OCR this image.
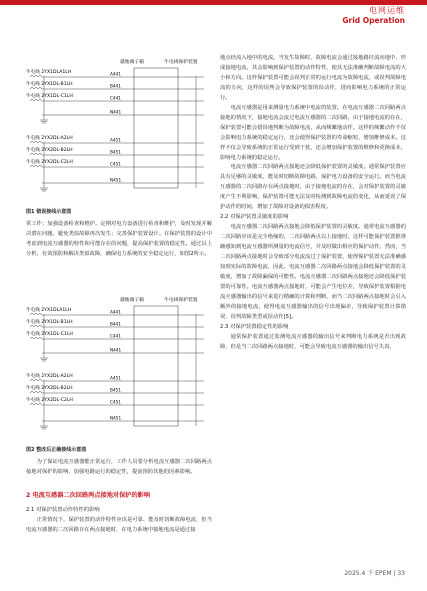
电网运维
Grid Operation
就地端子箱	牛屯线保护装置
牛屯线 2YX1DLA1LH	A441
牛屯线 2YX1DL-B1LH	B441
牛屯线 2YX1DL-C1LH	C441
N441
牛屯线 2YX2DL-A2LH	A451
牛屯线 2YX2DL-B2LH	B451
牛屯线 2YX2DL-C2LH	C451
N451
图1 错误接线示意图

常工作；加强设备检查和维护。定期对电力设备进行检查和维护，及时发现并解决潜在问题，避免类似故障再次发生；完善保护装置设计。在保护装置的设计中考虑到电流互感器的特性和可能存在的问题，提高保护装置的稳定性。通过以上分析，有效预防和解决类似故障，确保电力系统的安全稳定运行，如图2所示。

就地端子箱	牛屯线保护装置
牛屯线 2YX1DLA1LH	A441
牛屯线 2YX1DL-B1LH	B441
牛屯线 2YX1DL-C1LH	C441
N441
牛屯线 2YX2DL-A2LH	A451
牛屯线 2YX2DL-B2LH	B451
牛屯线 2YX2DL-C2LH	C451
N451
图2 整改后正确接线示意图

为了保证电流互感器能正常运行，工作人员要分析电流互感器二次回路两点接地对保护的影响，加强电路运行的稳定性，提前预防其他的因素影响。

2 电流互感器二次回路两点接地对保护的影响

2.1 对保护装置动作特性的影响

正常情况下，保护装置的动作特性应该是可靠、能及时切断故障电流，但当电流互感器的二次回路存在两点接地时，在电力系统中接地电流是通过接

地点经流入地中的电流。当发生故障时，故障电流会通过接地路径流向地中，形成接地电流，其会影响到保护装置的动作特性，使其无法准确判断故障电流的大小和方向。这样保护装置可能会误判正常的运行电流为故障电流，或误判故障电流的方向，这样的误判会导致保护装置的误动作，进而影响电力系统的正常运行。

电流互感器是用来测量电力系统中电流的装置。在电流互感器二次回路两点接地的情况下，接地电流会流过电流互感器的二次回路，由于接地电流的存在，保护装置可能会错误地判断为故障电流，从而频繁地动作。这样的频繁动作不仅会影响电力系统的稳定运行，还会使得保护装置的寿命缩短，增加维修成本。这样不仅会导致系统的正常运行受到干扰，还会增加保护装置的维修和更换成本，影响电力系统的稳定运行。

电流互感器二次回路两点接地还会降低保护装置的灵敏度。通常保护装置应具有足够的灵敏度，能及时切断故障电路，保护电力设备的安全运行。而当电流互感器的二次回路存在两点接地时，由于接地电流的存在，会对保护装置的灵敏度产生不利影响，保护装置可能无法及时检测到故障电流的变化，从而延误了保护动作的时间，增加了故障对设备的损害程度。

2.2 对保护装置灵敏度的影响

电流互感器二次回路两点接地会降低保护装置的灵敏度。通常电流互感器的二次回路应该是完全绝缘的，二次回路两点以上接地时，这样可能保护装置推准确感知到电流互感器所测量的电流信号，并及时做出相应的保护动作。然而，当二次回路两点接地时会导致部分电流流过了保护装置，使得保护装置无法准确感知到实际的故障电流，因此，电流互感器二次回路两点接地会降低保护装置的灵敏度，增加了故障漏保的可能性。电流互感器二次回路两点接地还会降低保护装置的可靠性。电流互感器两点接地时，可能会产生电位差，导致保护装置根据电流互感器输出的信号来进行精确的计算和判断，而当二次回路两点接地时会引入额外的接地电流，使得电流互感器输出的信号出现偏差，导致保护装置计算错误，误判故障类型或误动作[5]。

2.3 对保护装置稳定性的影响

通常保护装置通过监测电流互感器的输出信号来判断电力系统是否出现故障，但是当二次回路两点接地时，可能会导致电流互感器的输出信号失真，

2025.4 下 EPEM | 33
